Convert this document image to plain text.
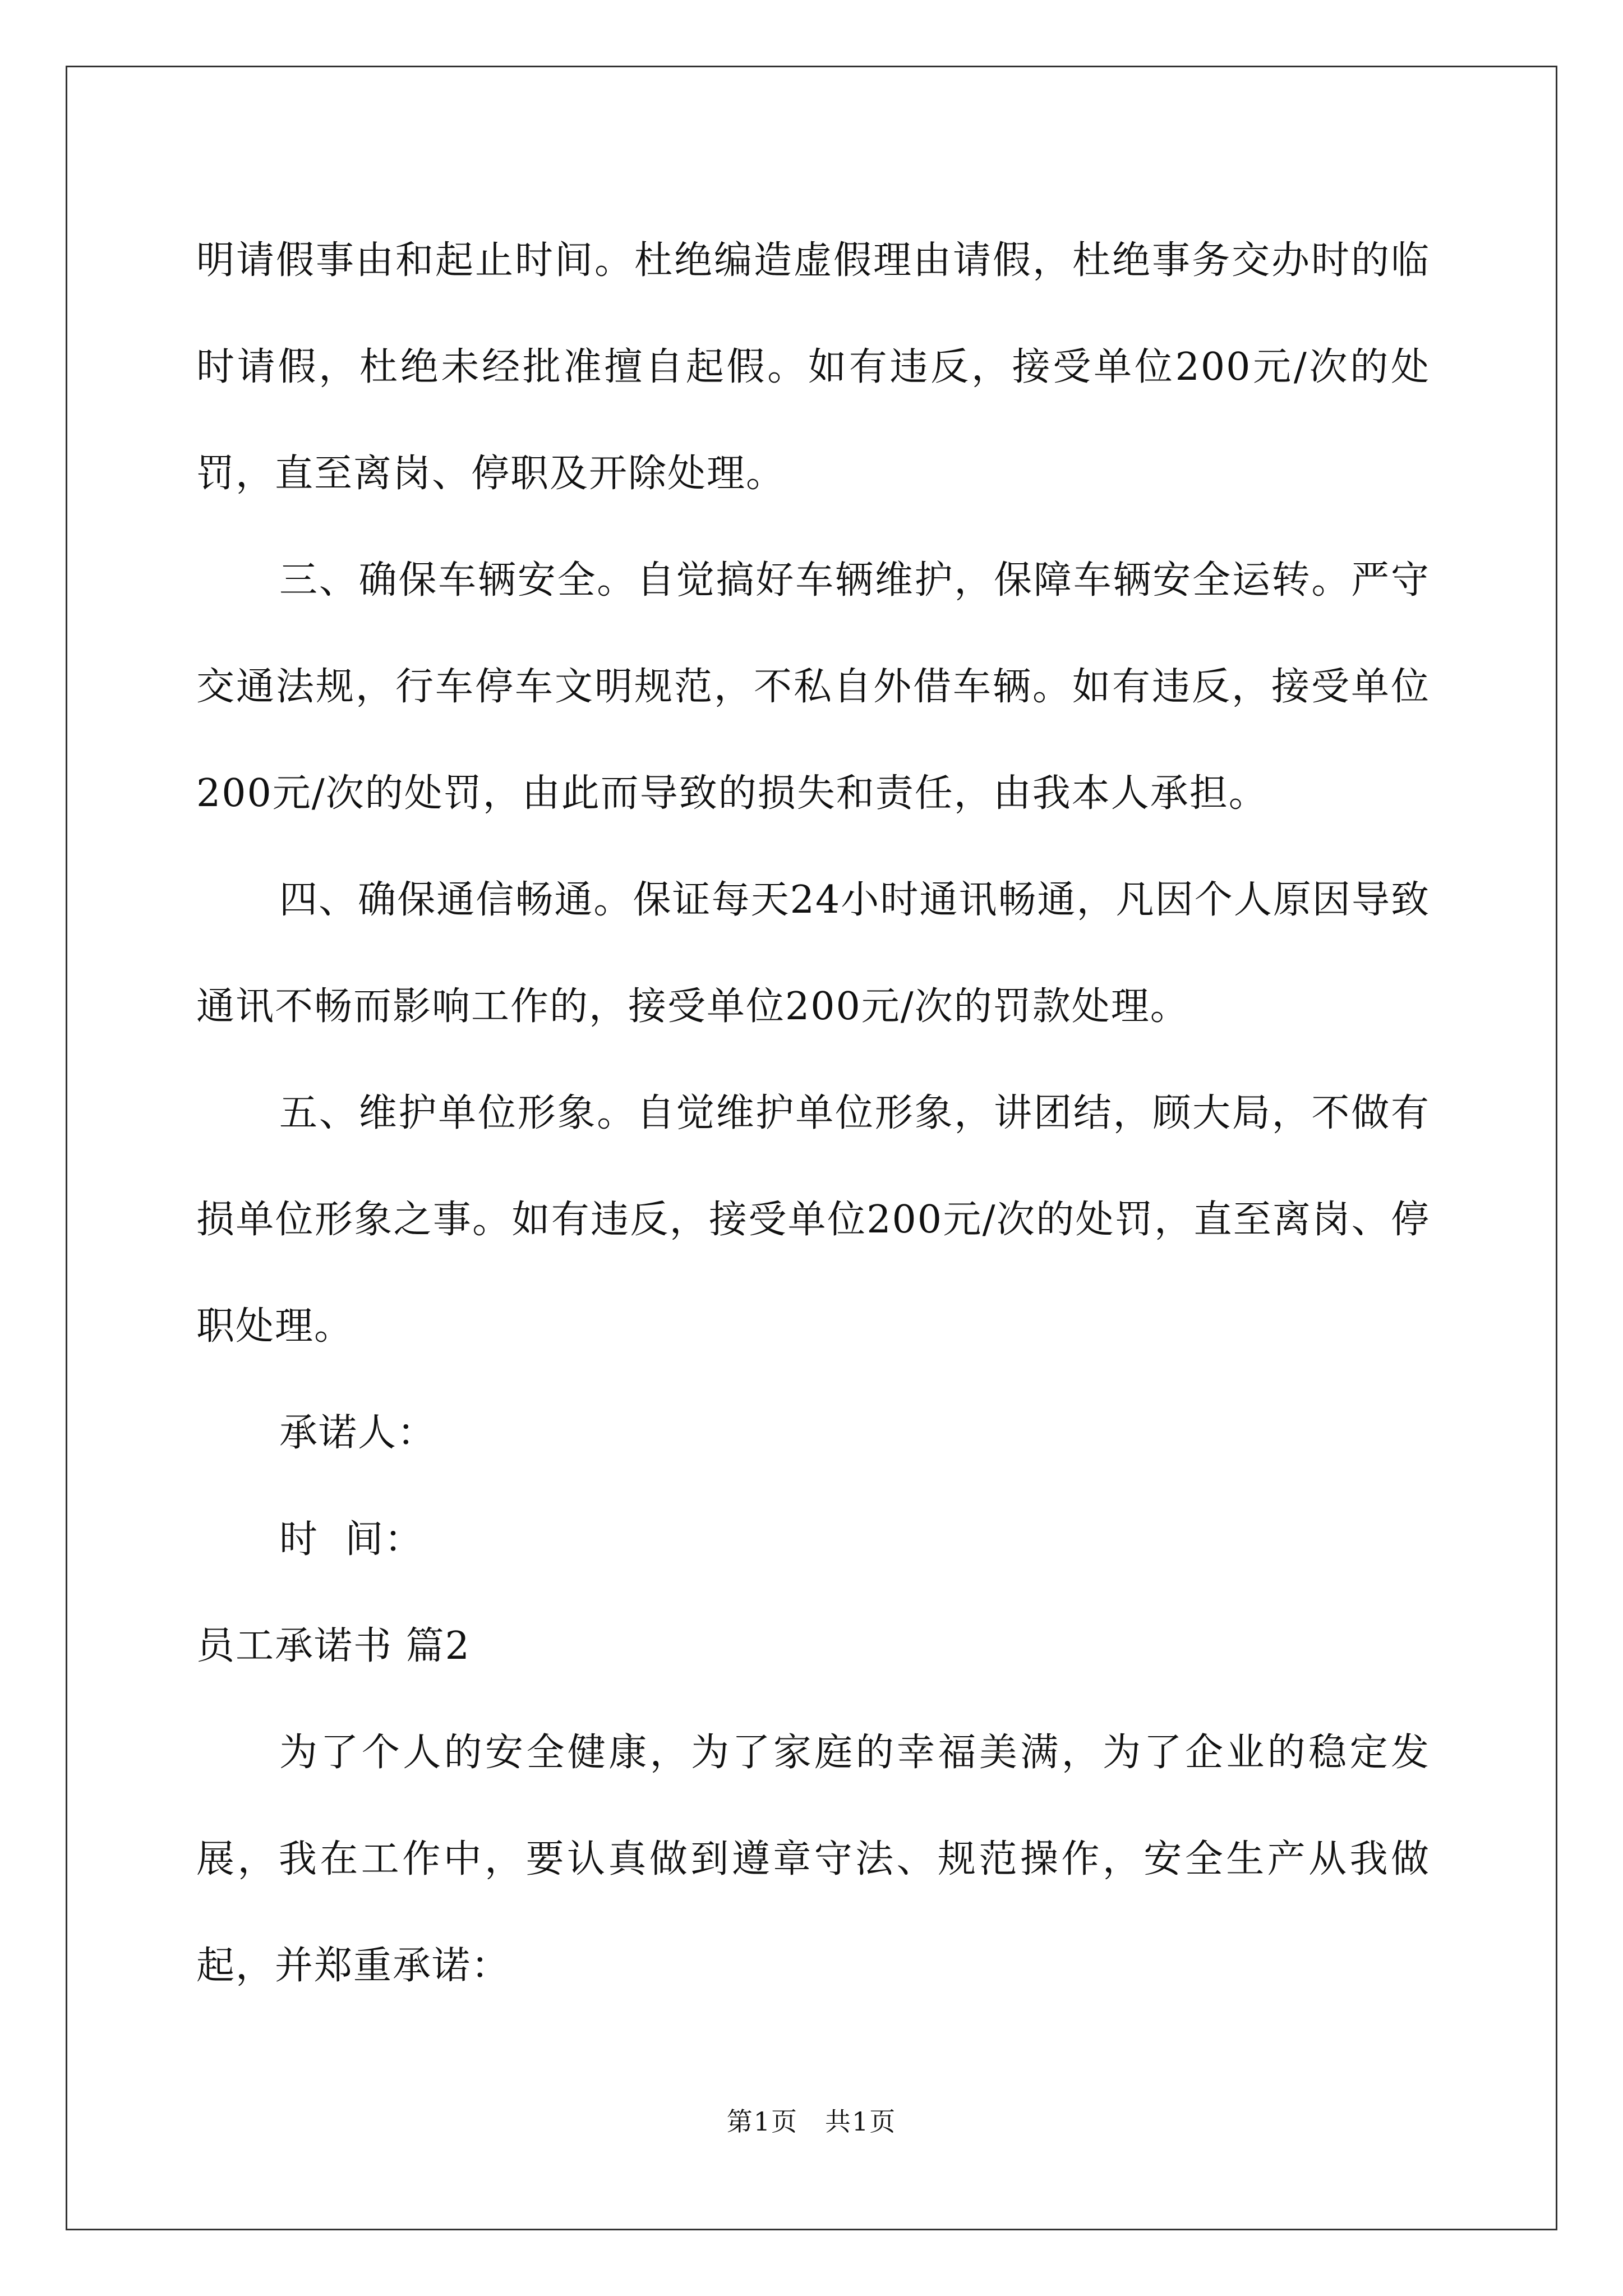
明请假事由和起止时间。杜绝编造虚假理由请假，杜绝事务交办时的临时请假，杜绝未经批准擅自起假。如有违反，接受单位200元/次的处罚，直至离岗、停职及开除处理。

三、确保车辆安全。自觉搞好车辆维护，保障车辆安全运转。严守交通法规，行车停车文明规范，不私自外借车辆。如有违反，接受单位200元/次的处罚，由此而导致的损失和责任，由我本人承担。

四、确保通信畅通。保证每天24小时通讯畅通，凡因个人原因导致通讯不畅而影响工作的，接受单位200元/次的罚款处理。

五、维护单位形象。自觉维护单位形象，讲团结，顾大局，不做有损单位形象之事。如有违反，接受单位200元/次的处罚，直至离岗、停职处理。

承诺人：

时  间：

员工承诺书 篇2

为了个人的安全健康，为了家庭的幸福美满，为了企业的稳定发展，我在工作中，要认真做到遵章守法、规范操作，安全生产从我做起，并郑重承诺：

第1页　共1页
